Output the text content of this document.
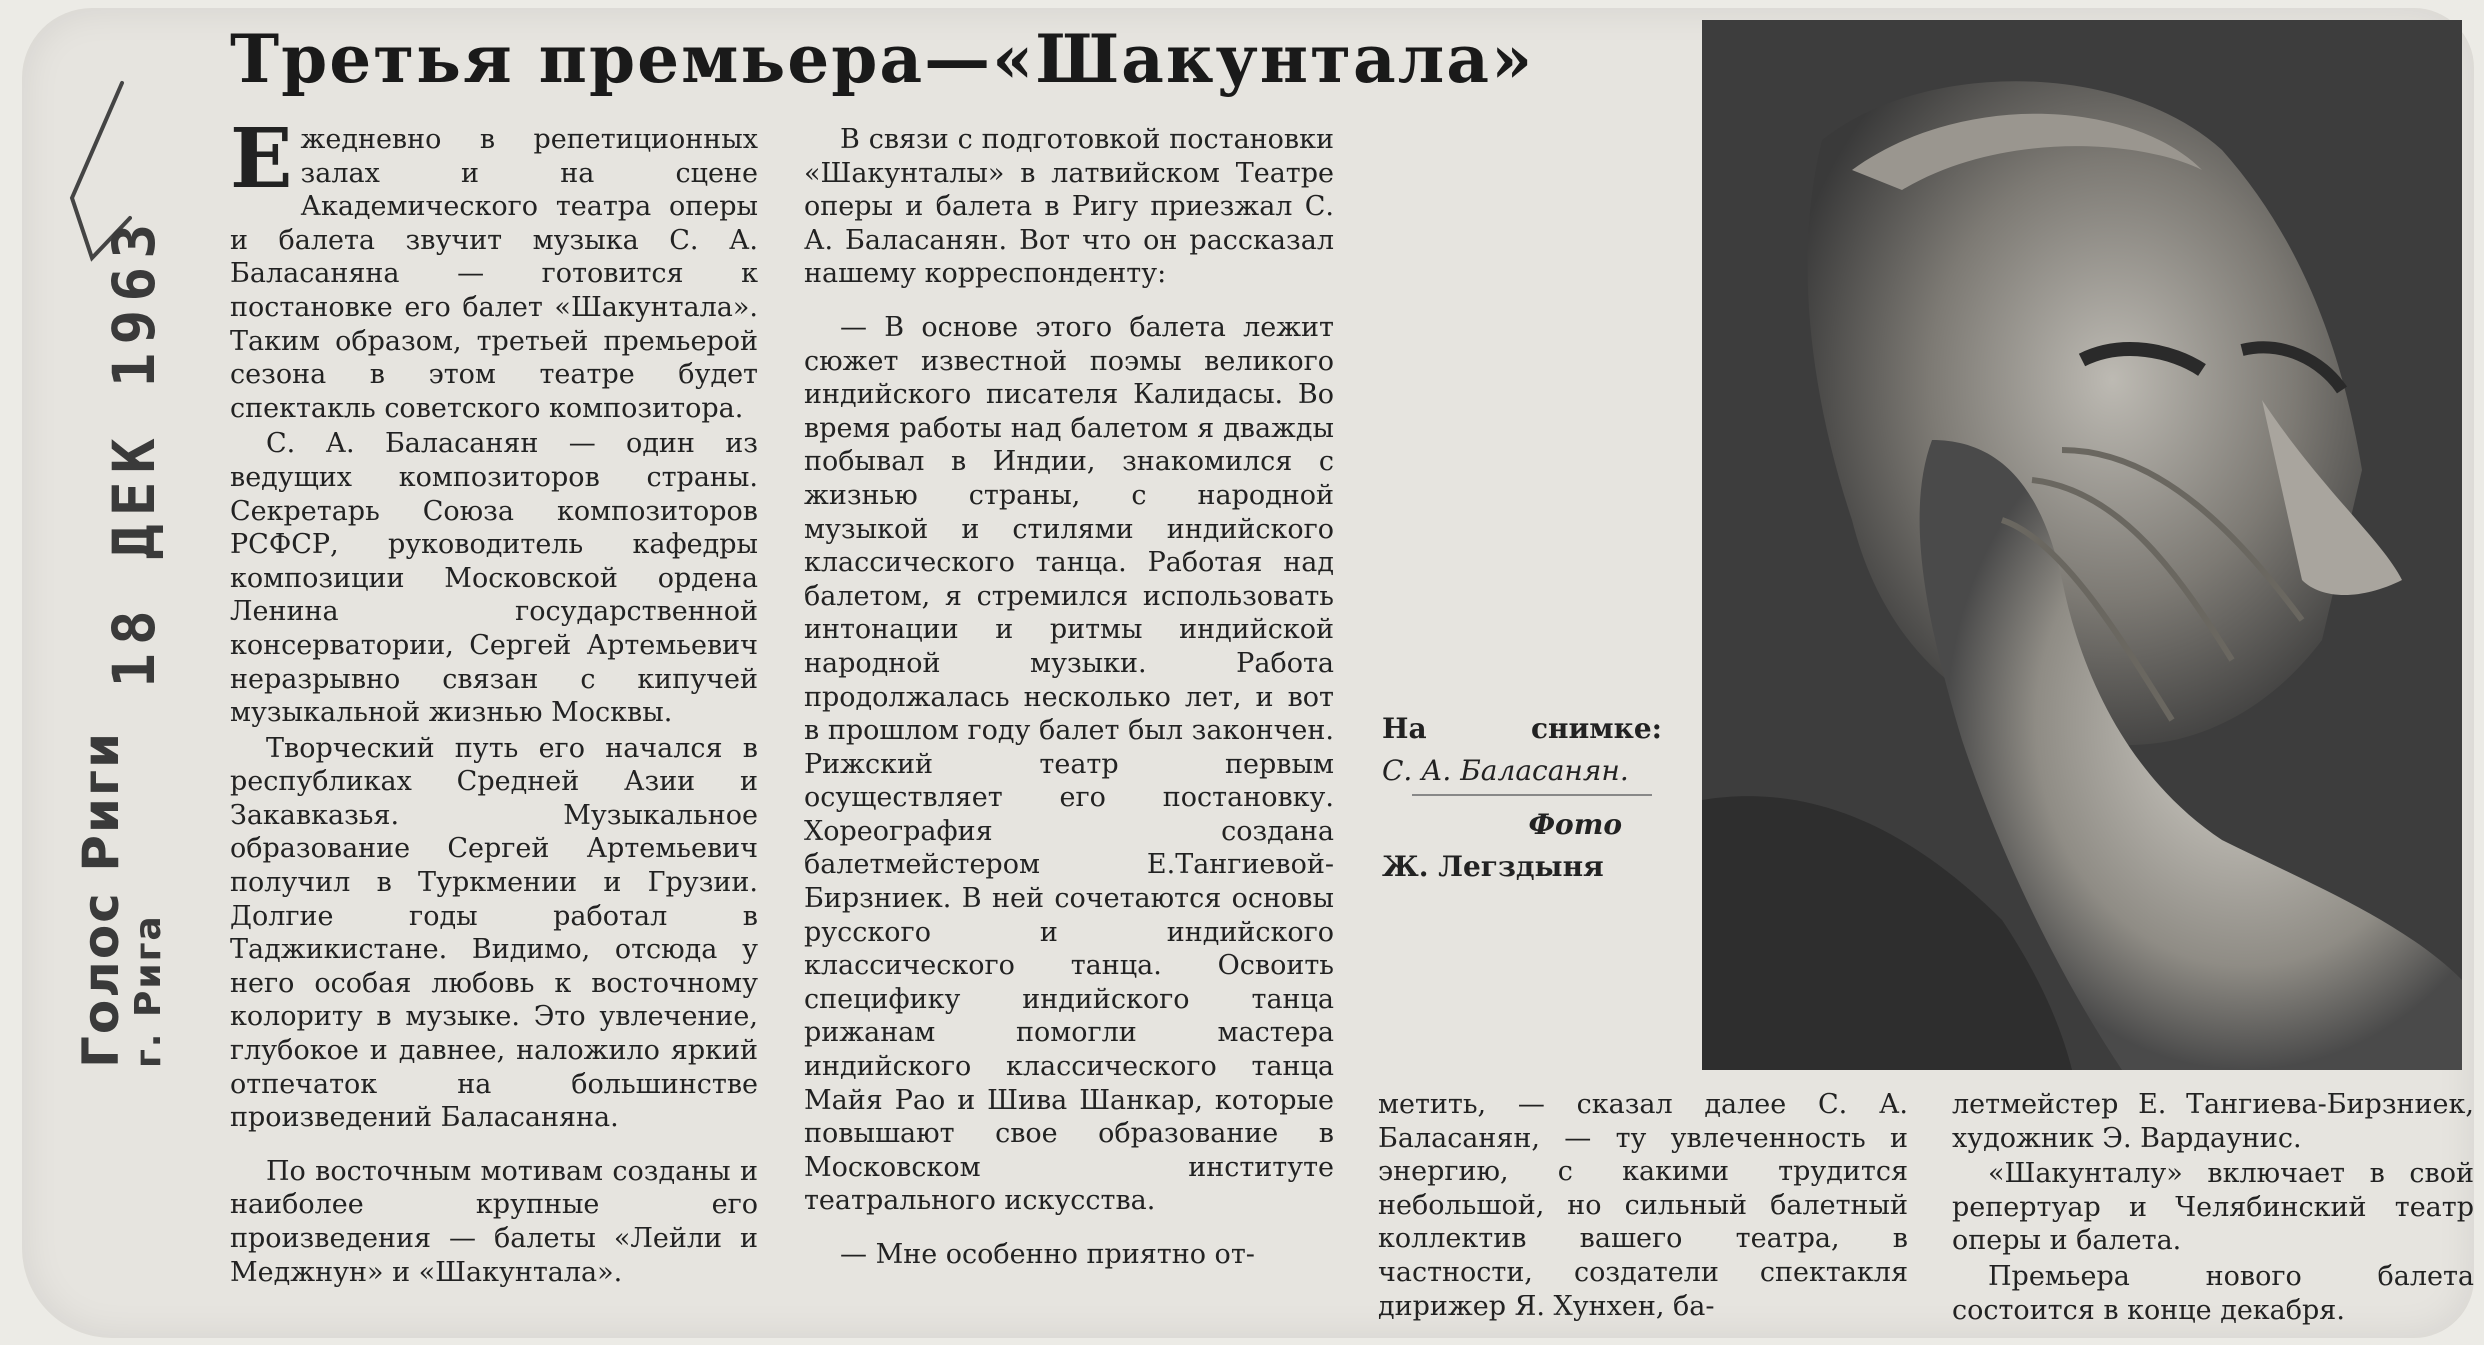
Голос Риги
г. Рига
18 ДЕК 1963
Третья премьера—«Шакунтала»

Ежедневно в репетиционных залах и на сцене Академического театра оперы и балета звучит музыка С. А. Баласаняна — готовится к постановке его балет «Шакунтала». Таким образом, третьей премьерой сезона в этом театре будет спектакль советского композитора.

С. А. Баласанян — один из ведущих композиторов страны. Секретарь Союза композиторов РСФСР, руководитель кафедры композиции Московской ордена Ленина государственной консерватории, Сергей Артемьевич неразрывно связан с кипучей музыкальной жизнью Москвы.

Творческий путь его начался в республиках Средней Азии и Закавказья. Музыкальное образование Сергей Артемьевич получил в Туркмении и Грузии. Долгие годы работал в Таджикистане. Видимо, отсюда у него особая любовь к восточному колориту в музыке. Это увлечение, глубокое и давнее, наложило яркий отпечаток на большинстве произведений Баласаняна.

По восточным мотивам созданы и наиболее крупные его произведения — балеты «Лейли и Меджнун» и «Шакунтала».

В связи с подготовкой постановки «Шакунталы» в латвийском Театре оперы и балета в Ригу приезжал С. А. Баласанян. Вот что он рассказал нашему корреспонденту:

— В основе этого балета лежит сюжет известной поэмы великого индийского писателя Калидасы. Во время работы над балетом я дважды побывал в Индии, знакомился с жизнью страны, с народной музыкой и стилями индийского классического танца. Работая над балетом, я стремился использовать интонации и ритмы индийской народной музыки. Работа продолжалась несколько лет, и вот в прошлом году балет был закончен. Рижский театр первым осуществляет его постановку. Хореография создана балетмейстером Е.Тангиевой-Бирзниек. В ней сочетаются основы русского и индийского классического танца. Освоить специфику индийского танца рижанам помогли мастера индийского классического танца Майя Рао и Шива Шанкар, которые повышают свое образование в Московском институте театрального искусства.

— Мне особенно приятно от-

На	снимке:
С. А. Баласанян.
Фото
Ж. Легздыня

метить, — сказал далее С. А. Баласанян, — ту увлеченность и энергию, с какими трудится небольшой, но сильный балетный коллектив вашего театра, в частности, создатели спектакля дирижер Я. Хунхен, ба-

летмейстер Е. Тангиева-Бирзниек, художник Э. Вардаунис.

«Шакунталу» включает в свой репертуар и Челябинский театр оперы и балета.

Премьера нового балета состоится в конце декабря.
